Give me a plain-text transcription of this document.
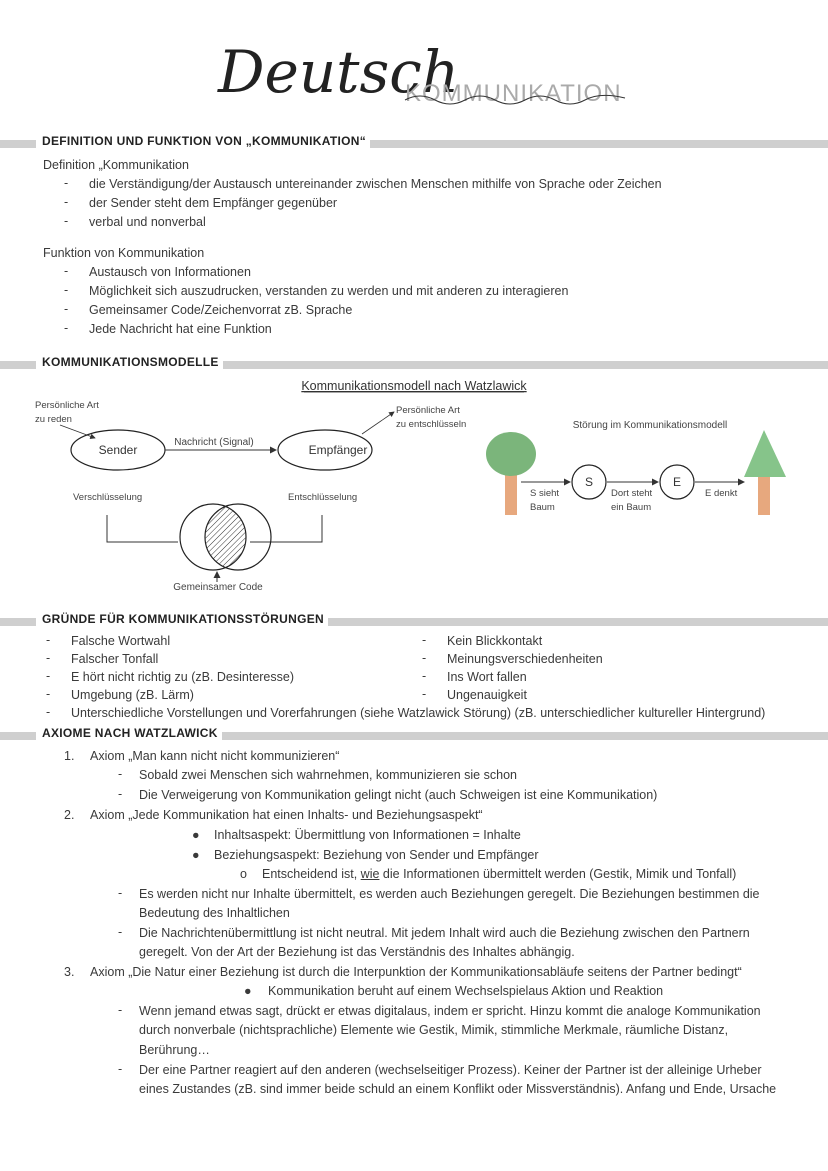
Deutsch
KOMMUNIKATION
DEFINITION UND FUNKTION VON „KOMMUNIKATION“
Definition „Kommunikation
- die Verständigung/der Austausch untereinander zwischen Menschen mithilfe von Sprache oder Zeichen
- der Sender steht dem Empfänger gegenüber
- verbal und nonverbal
Funktion von Kommunikation
- Austausch von Informationen
- Möglichkeit sich auszudrucken, verstanden zu werden und mit anderen zu interagieren
- Gemeinsamer Code/Zeichenvorrat zB. Sprache
- Jede Nachricht hat eine Funktion
KOMMUNIKATIONSMODELLE
Kommunikationsmodell nach Watzlawick
Persönliche Art
zu reden
Sender	Empfänger
Nachricht (Signal)
Persönliche Art
zu entschlüsseln
Verschlüsselung	Entschlüsselung
Gemeinsamer Code
Störung im Kommunikationsmodell
S	E
S sieht
Baum
Dort steht
ein Baum
E denkt
GRÜNDE FÜR KOMMUNIKATIONSSTÖRUNGEN
- Falsche Wortwahl
- Falscher Tonfall
- E hört nicht richtig zu (zB. Desinteresse)
- Umgebung (zB. Lärm)
- Kein Blickkontakt
- Meinungsverschiedenheiten
- Ins Wort fallen
- Ungenauigkeit
- Unterschiedliche Vorstellungen und Vorerfahrungen (siehe Watzlawick Störung) (zB. unterschiedlicher kultureller Hintergrund)
AXIOME NACH WATZLAWICK
1. Axiom „Man kann nicht nicht kommunizieren“
- Sobald zwei Menschen sich wahrnehmen, kommunizieren sie schon
- Die Verweigerung von Kommunikation gelingt nicht (auch Schweigen ist eine Kommunikation)
2. Axiom „Jede Kommunikation hat einen Inhalts- und Beziehungsaspekt“
● Inhaltsaspekt: Übermittlung von Informationen = Inhalte
● Beziehungsaspekt: Beziehung von Sender und Empfänger
o Entscheidend ist, wie die Informationen übermittelt werden (Gestik, Mimik und Tonfall)
- Es werden nicht nur Inhalte übermittelt, es werden auch Beziehungen geregelt. Die Beziehungen bestimmen die
Bedeutung des Inhaltlichen
- Die Nachrichtenübermittlung ist nicht neutral. Mit jedem Inhalt wird auch die Beziehung zwischen den Partnern
geregelt. Von der Art der Beziehung ist das Verständnis des Inhaltes abhängig.
3. Axiom „Die Natur einer Beziehung ist durch die Interpunktion der Kommunikationsabläufe seitens der Partner bedingt“
● Kommunikation beruht auf einem Wechselspielaus Aktion und Reaktion
- Wenn jemand etwas sagt, drückt er etwas digitalaus, indem er spricht. Hinzu kommt die analoge Kommunikation
durch nonverbale (nichtsprachliche) Elemente wie Gestik, Mimik, stimmliche Merkmale, räumliche Distanz,
Berührung…
- Der eine Partner reagiert auf den anderen (wechselseitiger Prozess). Keiner der Partner ist der alleinige Urheber
eines Zustandes (zB. sind immer beide schuld an einem Konflikt oder Missverständnis). Anfang und Ende, Ursache
